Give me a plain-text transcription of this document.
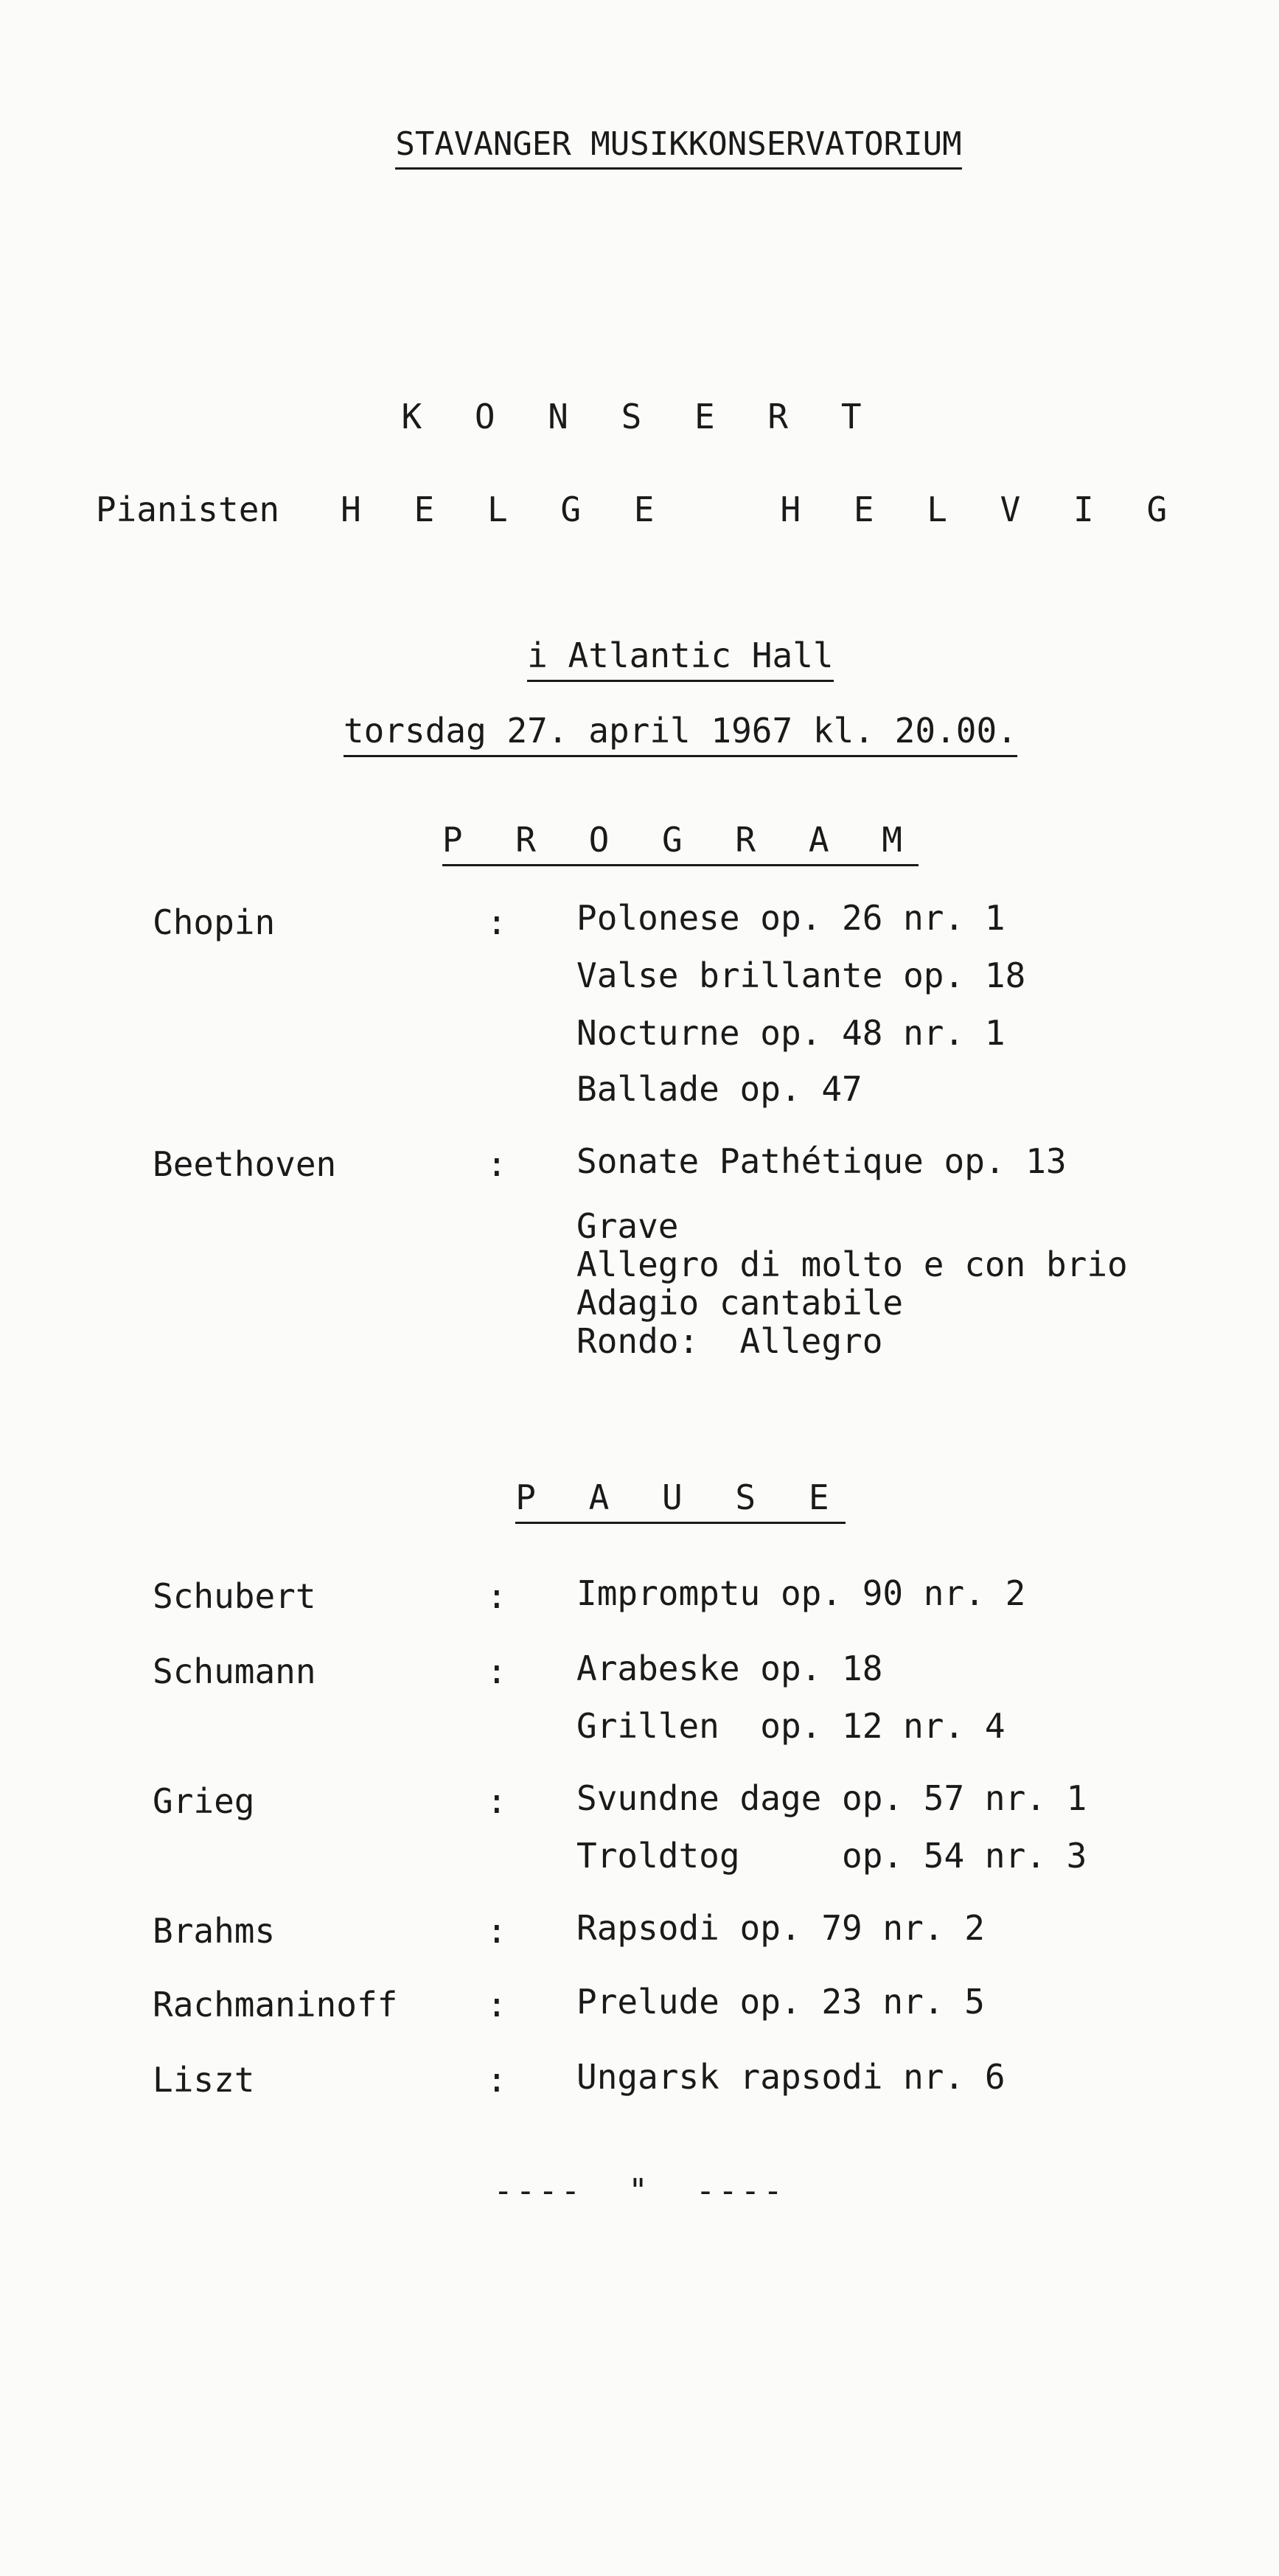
STAVANGER MUSIKKONSERVATORIUM

K O N S E R T
Pianisten H E L G E   H E L V I G

i Atlantic Hall

torsdag 27. april 1967 kl. 20.00.

P R O G R A M

Chopin	: Polonese op. 26 nr. 1
Valse brillante op. 18
Nocturne op. 48 nr. 1
Ballade op. 47
Beethoven	: Sonate Pathétique op. 13
Grave
Allegro di molto e con brio
Adagio cantabile
Rondo:  Allegro

P A U S E

Schubert	: Impromptu op. 90 nr. 2
Schumann	: Arabeske op. 18
Grillen  op. 12 nr. 4
Grieg	: Svundne dage op. 57 nr. 1
Troldtog     op. 54 nr. 3
Brahms	: Rapsodi op. 79 nr. 2
Rachmaninoff	: Prelude op. 23 nr. 5
Liszt	: Ungarsk rapsodi nr. 6
----  "  ----
